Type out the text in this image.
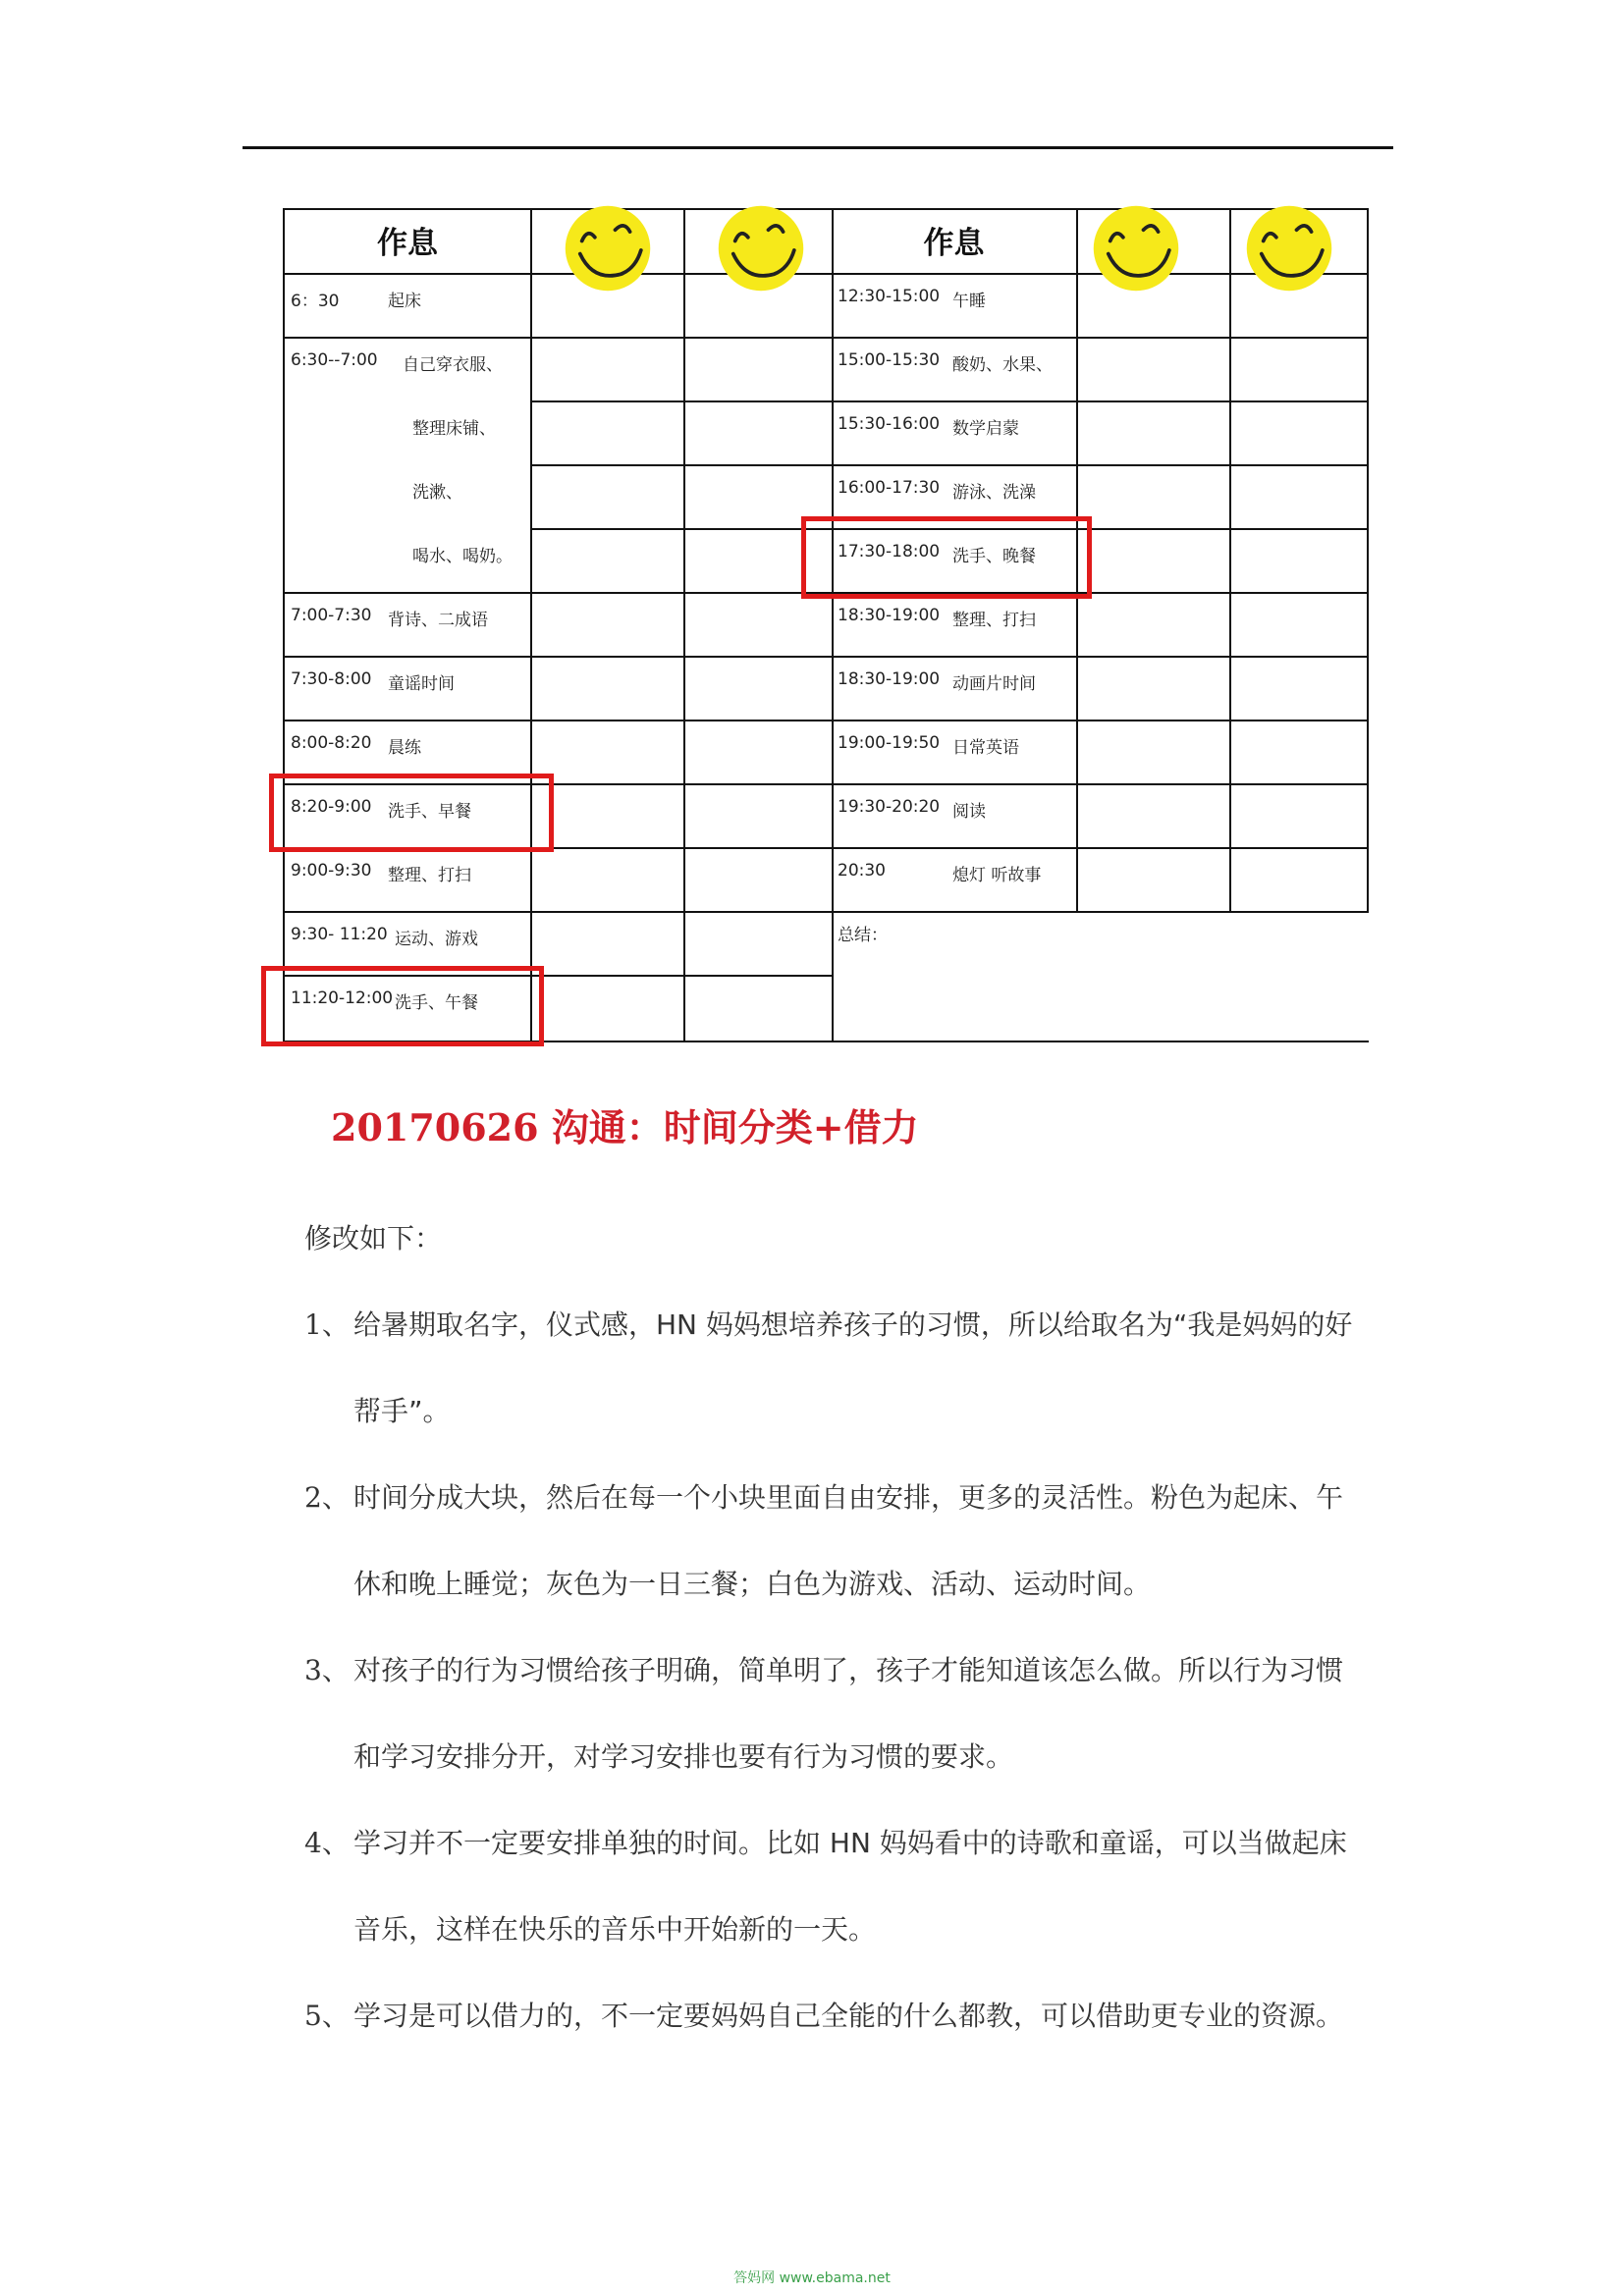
作息	作息
6：30	起床
6:30--7:00 自己穿衣服、
整理床铺、
洗漱、
喝水、喝奶。
7:00-7:30 背诗、二成语
7:30-8:00 童谣时间
8:00-8:20 晨练
8:20-9:00 洗手、早餐
9:00-9:30 整理、打扫
9:30- 11:20 运动、游戏
11:20-12:00 洗手、午餐
12:30-15:00 午睡
15:00-15:30 酸奶、水果、
15:30-16:00 数学启蒙
16:00-17:30 游泳、洗澡
17:30-18:00 洗手、晚餐
18:30-19:00 整理、打扫
18:30-19:00 动画片时间
19:00-19:50 日常英语
19:30-20:20 阅读
20:30	熄灯 听故事
总结：
20170626 沟通：时间分类+借力
修改如下：
1、 给暑期取名字，仪式感，HN 妈妈想培养孩子的习惯，所以给取名为“我是妈妈的好
帮手”。
2、 时间分成大块，然后在每一个小块里面自由安排，更多的灵活性。粉色为起床、午
休和晚上睡觉；灰色为一日三餐；白色为游戏、活动、运动时间。
3、 对孩子的行为习惯给孩子明确，简单明了，孩子才能知道该怎么做。所以行为习惯
和学习安排分开，对学习安排也要有行为习惯的要求。
4、 学习并不一定要安排单独的时间。比如 HN 妈妈看中的诗歌和童谣，可以当做起床
音乐，这样在快乐的音乐中开始新的一天。
5、 学习是可以借力的，不一定要妈妈自己全能的什么都教，可以借助更专业的资源。
答妈网 www.ebama.net
